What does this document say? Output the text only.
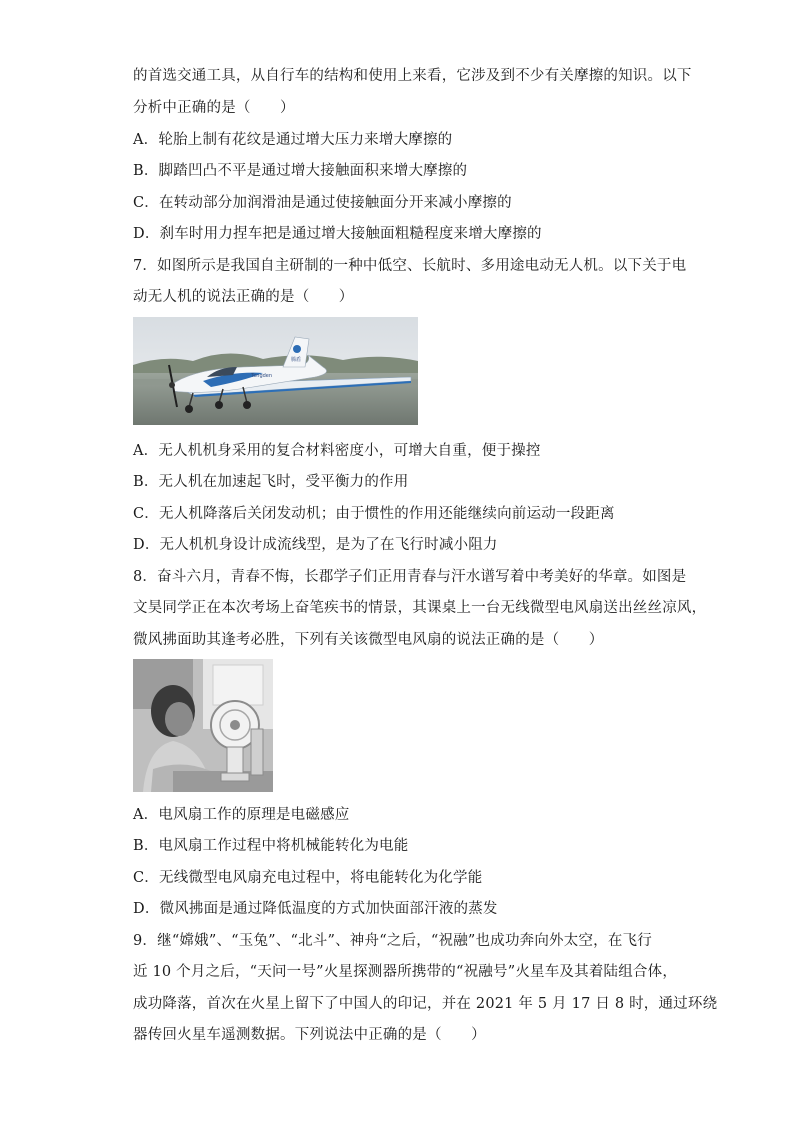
的首选交通工具，从自行车的结构和使用上来看，它涉及到不少有关摩擦的知识。以下
分析中正确的是（　　）
A．轮胎上制有花纹是通过增大压力来增大摩擦的
B．脚踏凹凸不平是通过增大接触面积来增大摩擦的
C．在转动部分加润滑油是通过使接触面分开来减小摩擦的
D．刹车时用力捏车把是通过增大接触面粗糙程度来增大摩擦的
7．如图所示是我国自主研制的一种中低空、长航时、多用途电动无人机。以下关于电
动无人机的说法正确的是（　　）
腾盾
Tengden
A．无人机机身采用的复合材料密度小，可增大自重，便于操控
B．无人机在加速起飞时，受平衡力的作用
C．无人机降落后关闭发动机；由于惯性的作用还能继续向前运动一段距离
D．无人机机身设计成流线型，是为了在飞行时减小阻力
8．奋斗六月，青春不悔，长郡学子们正用青春与汗水谱写着中考美好的华章。如图是
文昊同学正在本次考场上奋笔疾书的情景，其课桌上一台无线微型电风扇送出丝丝凉风，
微风拂面助其逢考必胜，下列有关该微型电风扇的说法正确的是（　　）
A．电风扇工作的原理是电磁感应
B．电风扇工作过程中将机械能转化为电能
C．无线微型电风扇充电过程中，将电能转化为化学能
D．微风拂面是通过降低温度的方式加快面部汗液的蒸发
9．继“嫦娥”、“玉兔”、“北斗”、神舟“之后，“祝融”也成功奔向外太空，在飞行
近 10 个月之后，“天问一号”火星探测器所携带的“祝融号”火星车及其着陆组合体，
成功降落，首次在火星上留下了中国人的印记，并在 2021 年 5 月 17 日 8 时，通过环绕
器传回火星车遥测数据。下列说法中正确的是（　　）
